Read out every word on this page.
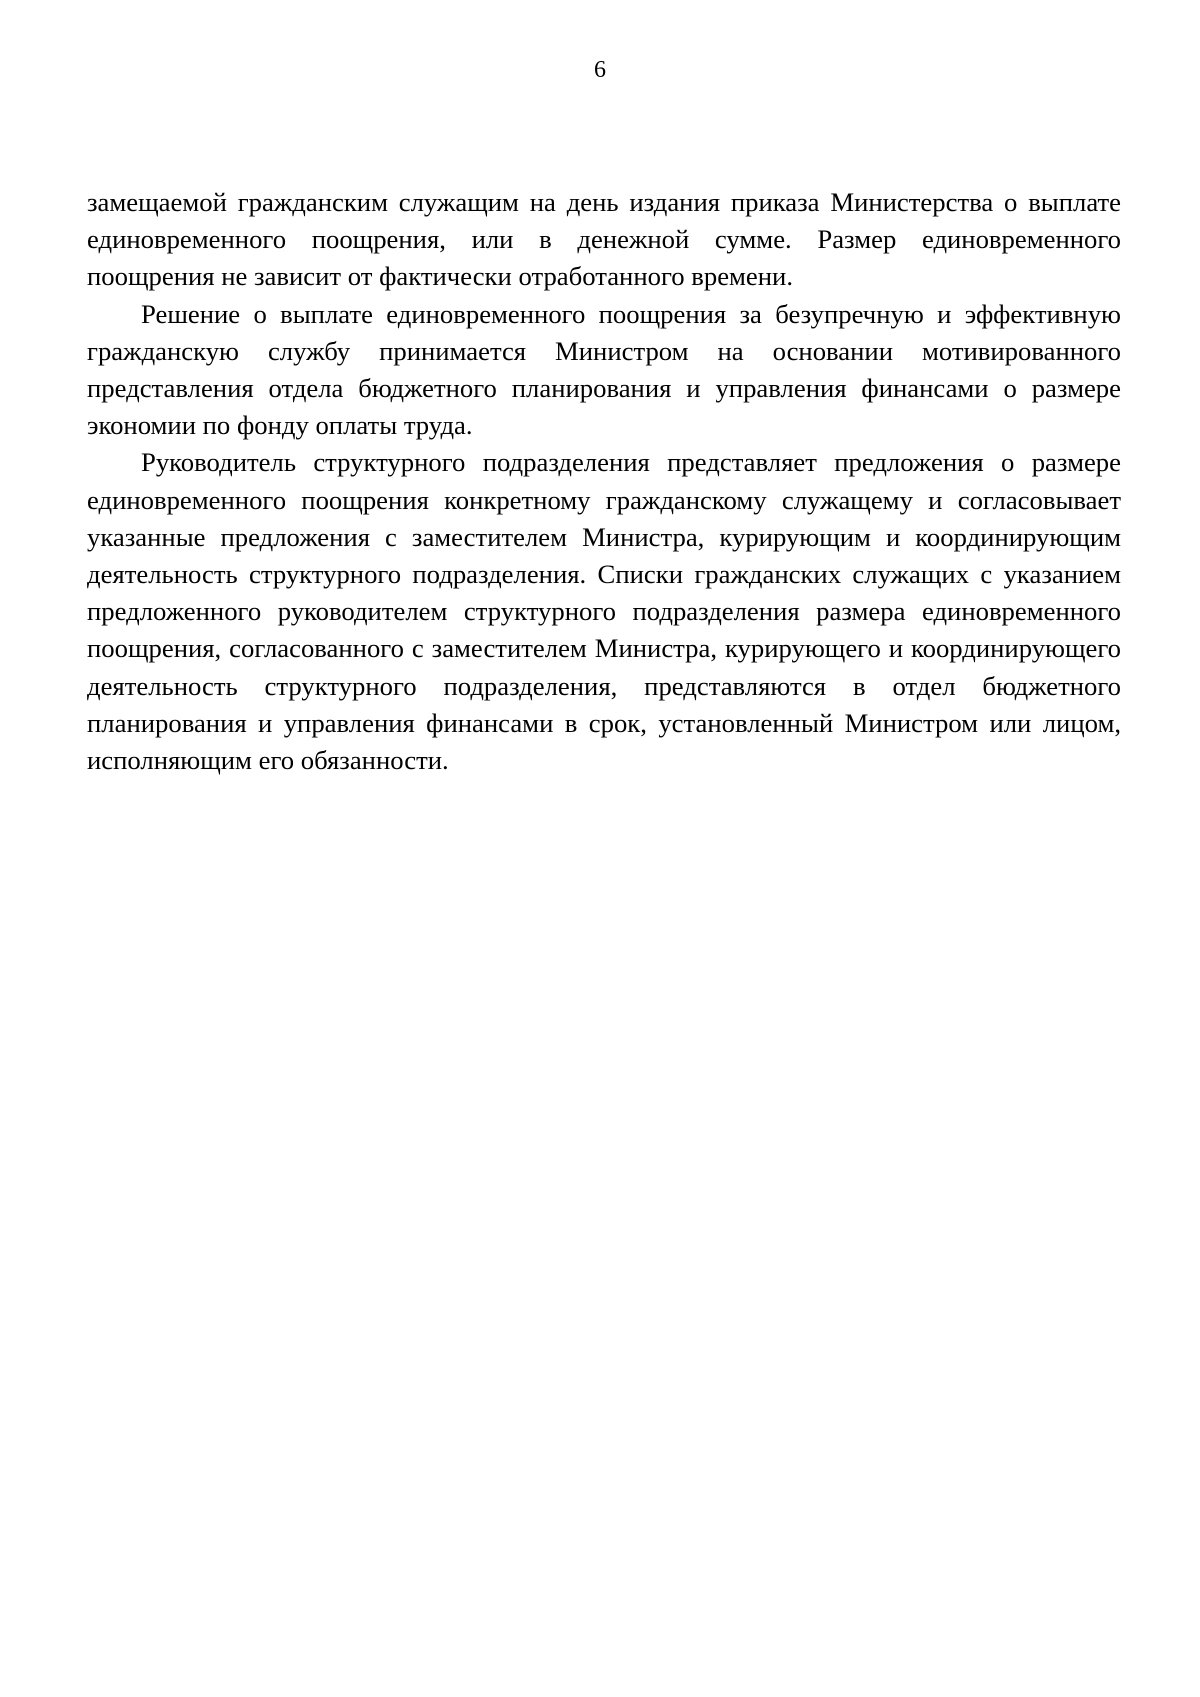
6

замещаемой гражданским служащим на день издания приказа Министерства о выплате единовременного поощрения, или в денежной сумме. Размер единовременного поощрения не зависит от фактически отработанного времени.

Решение о выплате единовременного поощрения за безупречную и эффективную гражданскую службу принимается Министром на основании мотивированного представления отдела бюджетного планирования и управления финансами о размере экономии по фонду оплаты труда.

Руководитель структурного подразделения представляет предложения о размере единовременного поощрения конкретному гражданскому служащему и согласовывает указанные предложения с заместителем Министра, курирующим и координирующим деятельность структурного подразделения. Списки гражданских служащих с указанием предложенного руководителем структурного подразделения размера единовременного поощрения, согласованного с заместителем Министра, курирующего и координирующего деятельность структурного подразделения, представляются в отдел бюджетного планирования и управления финансами в срок, установленный Министром или лицом, исполняющим его обязанности.
